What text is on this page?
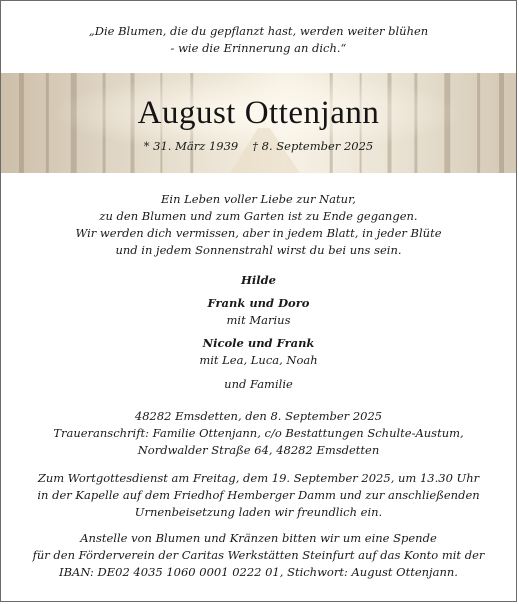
„Die Blumen, die du gepflanzt hast, werden weiter blühen
- wie die Erinnerung an dich.“
August Ottenjann
* 31. März 1939 † 8. September 2025
Ein Leben voller Liebe zur Natur,
zu den Blumen und zum Garten ist zu Ende gegangen.
Wir werden dich vermissen, aber in jedem Blatt, in jeder Blüte
und in jedem Sonnenstrahl wirst du bei uns sein.
Hilde
Frank und Doro
mit Marius
Nicole und Frank
mit Lea, Luca, Noah
und Familie
48282 Emsdetten, den 8. September 2025
Traueranschrift: Familie Ottenjann, c/o Bestattungen Schulte-Austum,
Nordwalder Straße 64, 48282 Emsdetten
Zum Wortgottesdienst am Freitag, dem 19. September 2025, um 13.30 Uhr
in der Kapelle auf dem Friedhof Hemberger Damm und zur anschließenden
Urnenbeisetzung laden wir freundlich ein.
Anstelle von Blumen und Kränzen bitten wir um eine Spende
für den Förderverein der Caritas Werkstätten Steinfurt auf das Konto mit der
IBAN: DE02 4035 1060 0001 0222 01, Stichwort: August Ottenjann.
